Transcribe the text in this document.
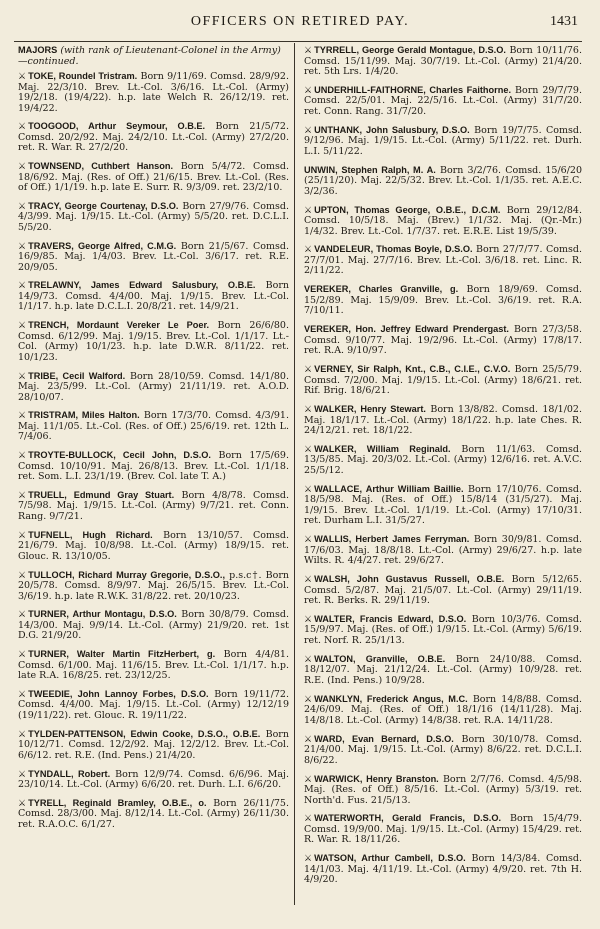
OFFICERS ON RETIRED PAY.	1431
MAJORS (with rank of Lieutenant-Colonel in the Army)—continued.

⚔ TOKE, Roundel Tristram. Born 9/11/69. Comsd. 28/9/92. Maj. 22/3/10. Brev. Lt.-Col. 3/6/16. Lt.-Col. (Army) 19/2/18. (19/4/22). h.p. late Welch R. 26/12/19. ret. 19/4/22.

⚔ TOOGOOD, Arthur Seymour, O.B.E. Born 21/5/72. Comsd. 20/2/92. Maj. 24/2/10. Lt.-Col. (Army) 27/2/20. ret. R. War. R. 27/2/20.

⚔ TOWNSEND, Cuthbert Hanson. Born 5/4/72. Comsd. 18/6/92. Maj. (Res. of Off.) 21/6/15. Brev. Lt.-Col. (Res. of Off.) 1/1/19. h.p. late E. Surr. R. 9/3/09. ret. 23/2/10.

⚔ TRACY, George Courtenay, D.S.O. Born 27/9/76. Comsd. 4/3/99. Maj. 1/9/15. Lt.-Col. (Army) 5/5/20. ret. D.C.L.I. 5/5/20.

⚔ TRAVERS, George Alfred, C.M.G. Born 21/5/67. Comsd. 16/9/85. Maj. 1/4/03. Brev. Lt.-Col. 3/6/17. ret. R.E. 20/9/05.

⚔ TRELAWNY, James Edward Salusbury, O.B.E. Born 14/9/73. Comsd. 4/4/00. Maj. 1/9/15. Brev. Lt.-Col. 1/1/17. h.p. late D.C.L.I. 20/8/21. ret. 14/9/21.

⚔ TRENCH, Mordaunt Vereker Le Poer. Born 26/6/80. Comsd. 6/12/99. Maj. 1/9/15. Brev. Lt.-Col. 1/1/17. Lt.-Col. (Army) 10/1/23. h.p. late D.W.R. 8/11/22. ret. 10/1/23.

⚔ TRIBE, Cecil Walford. Born 28/10/59. Comsd. 14/1/80. Maj. 23/5/99. Lt.-Col. (Army) 21/11/19. ret. A.O.D. 28/10/07.

⚔ TRISTRAM, Miles Halton. Born 17/3/70. Comsd. 4/3/91. Maj. 11/1/05. Lt.-Col. (Res. of Off.) 25/6/19. ret. 12th L. 7/4/06.

⚔ TROYTE-BULLOCK, Cecil John, D.S.O. Born 17/5/69. Comsd. 10/10/91. Maj. 26/8/13. Brev. Lt.-Col. 1/1/18. ret. Som. L.I. 23/1/19. (Brev. Col. late T. A.)

⚔ TRUELL, Edmund Gray Stuart. Born 4/8/78. Comsd. 7/5/98. Maj. 1/9/15. Lt.-Col. (Army) 9/7/21. ret. Conn. Rang. 9/7/21.

⚔ TUFNELL, Hugh Richard. Born 13/10/57. Comsd. 21/6/79. Maj. 10/8/98. Lt.-Col. (Army) 18/9/15. ret. Glouc. R. 13/10/05.

⚔ TULLOCH, Richard Murray Gregorie, D.S.O., p.s.c†. Born 20/5/78. Comsd. 8/9/97. Maj. 26/5/15. Brev. Lt.-Col. 3/6/19. h.p. late R.W.K. 31/8/22. ret. 20/10/23.

⚔ TURNER, Arthur Montagu, D.S.O. Born 30/8/79. Comsd. 14/3/00. Maj. 9/9/14. Lt.-Col. (Army) 21/9/20. ret. 1st D.G. 21/9/20.

⚔ TURNER, Walter Martin FitzHerbert, g. Born 4/4/81. Comsd. 6/1/00. Maj. 11/6/15. Brev. Lt.-Col. 1/1/17. h.p. late R.A. 16/8/25. ret. 23/12/25.

⚔ TWEEDIE, John Lannoy Forbes, D.S.O. Born 19/11/72. Comsd. 4/4/00. Maj. 1/9/15. Lt.-Col. (Army) 12/12/19 (19/11/22). ret. Glouc. R. 19/11/22.

⚔ TYLDEN-PATTENSON, Edwin Cooke, D.S.O., O.B.E. Born 10/12/71. Comsd. 12/2/92. Maj. 12/2/12. Brev. Lt.-Col. 6/6/12. ret. R.E. (Ind. Pens.) 21/4/20.

⚔ TYNDALL, Robert. Born 12/9/74. Comsd. 6/6/96. Maj. 23/10/14. Lt.-Col. (Army) 6/6/20. ret. Durh. L.I. 6/6/20.

⚔ TYRELL, Reginald Bramley, O.B.E., o. Born 26/11/75. Comsd. 28/3/00. Maj. 8/12/14. Lt.-Col. (Army) 26/11/30. ret. R.A.O.C. 6/1/27.

⚔ TYRRELL, George Gerald Montague, D.S.O. Born 10/11/76. Comsd. 15/11/99. Maj. 30/7/19. Lt.-Col. (Army) 21/4/20. ret. 5th Lrs. 1/4/20.

⚔ UNDERHILL-FAITHORNE, Charles Faithorne. Born 29/7/79. Comsd. 22/5/01. Maj. 22/5/16. Lt.-Col. (Army) 31/7/20. ret. Conn. Rang. 31/7/20.

⚔ UNTHANK, John Salusbury, D.S.O. Born 19/7/75. Comsd. 9/12/96. Maj. 1/9/15. Lt.-Col. (Army) 5/11/22. ret. Durh. L.I. 5/11/22.

UNWIN, Stephen Ralph, M. A. Born 3/2/76. Comsd. 15/6/20 (25/11/20). Maj. 22/5/32. Brev. Lt.-Col. 1/1/35. ret. A.E.C. 3/2/36.

⚔ UPTON, Thomas George, O.B.E., D.C.M. Born 29/12/84. Comsd. 10/5/18. Maj. (Brev.) 1/1/32. Maj. (Qr.-Mr.) 1/4/32. Brev. Lt.-Col. 1/7/37. ret. E.R.E. List 19/5/39.

⚔ VANDELEUR, Thomas Boyle, D.S.O. Born 27/7/77. Comsd. 27/7/01. Maj. 27/7/16. Brev. Lt.-Col. 3/6/18. ret. Linc. R. 2/11/22.

VEREKER, Charles Granville, g. Born 18/9/69. Comsd. 15/2/89. Maj. 15/9/09. Brev. Lt.-Col. 3/6/19. ret. R.A. 7/10/11.

VEREKER, Hon. Jeffrey Edward Prendergast. Born 27/3/58. Comsd. 9/10/77. Maj. 19/2/96. Lt.-Col. (Army) 17/8/17. ret. R.A. 9/10/97.

⚔ VERNEY, Sir Ralph, Knt., C.B., C.I.E., C.V.O. Born 25/5/79. Comsd. 7/2/00. Maj. 1/9/15. Lt.-Col. (Army) 18/6/21. ret. Rif. Brig. 18/6/21.

⚔ WALKER, Henry Stewart. Born 13/8/82. Comsd. 18/1/02. Maj. 18/1/17. Lt.-Col. (Army) 18/1/22. h.p. late Ches. R. 24/12/21. ret. 18/1/22.

⚔ WALKER, William Reginald. Born 11/1/63. Comsd. 13/5/85. Maj. 20/3/02. Lt.-Col. (Army) 12/6/16. ret. A.V.C. 25/5/12.

⚔ WALLACE, Arthur William Baillie. Born 17/10/76. Comsd. 18/5/98. Maj. (Res. of Off.) 15/8/14 (31/5/27). Maj. 1/9/15. Brev. Lt.-Col. 1/1/19. Lt.-Col. (Army) 17/10/31. ret. Durham L.I. 31/5/27.

⚔ WALLIS, Herbert James Ferryman. Born 30/9/81. Comsd. 17/6/03. Maj. 18/8/18. Lt.-Col. (Army) 29/6/27. h.p. late Wilts. R. 4/4/27. ret. 29/6/27.

⚔ WALSH, John Gustavus Russell, O.B.E. Born 5/12/65. Comsd. 5/2/87. Maj. 21/5/07. Lt.-Col. (Army) 29/11/19. ret. R. Berks. R. 29/11/19.

⚔ WALTER, Francis Edward, D.S.O. Born 10/3/76. Comsd. 15/9/97. Maj. (Res. of Off.) 1/9/15. Lt.-Col. (Army) 5/6/19. ret. Norf. R. 25/1/13.

⚔ WALTON, Granville, O.B.E. Born 24/10/88. Comsd. 18/12/07. Maj. 21/12/24. Lt.-Col. (Army) 10/9/28. ret. R.E. (Ind. Pens.) 10/9/28.

⚔ WANKLYN, Frederick Angus, M.C. Born 14/8/88. Comsd. 24/6/09. Maj. (Res. of Off.) 18/1/16 (14/11/28). Maj. 14/8/18. Lt.-Col. (Army) 14/8/38. ret. R.A. 14/11/28.

⚔ WARD, Evan Bernard, D.S.O. Born 30/10/78. Comsd. 21/4/00. Maj. 1/9/15. Lt.-Col. (Army) 8/6/22. ret. D.C.L.I. 8/6/22.

⚔ WARWICK, Henry Branston. Born 2/7/76. Comsd. 4/5/98. Maj. (Res. of Off.) 8/5/16. Lt.-Col. (Army) 5/3/19. ret. North'd. Fus. 21/5/13.

⚔ WATERWORTH, Gerald Francis, D.S.O. Born 15/4/79. Comsd. 19/9/00. Maj. 1/9/15. Lt.-Col. (Army) 15/4/29. ret. R. War. R. 18/11/26.

⚔ WATSON, Arthur Cambell, D.S.O. Born 14/3/84. Comsd. 14/1/03. Maj. 4/11/19. Lt.-Col. (Army) 4/9/20. ret. 7th H. 4/9/20.
